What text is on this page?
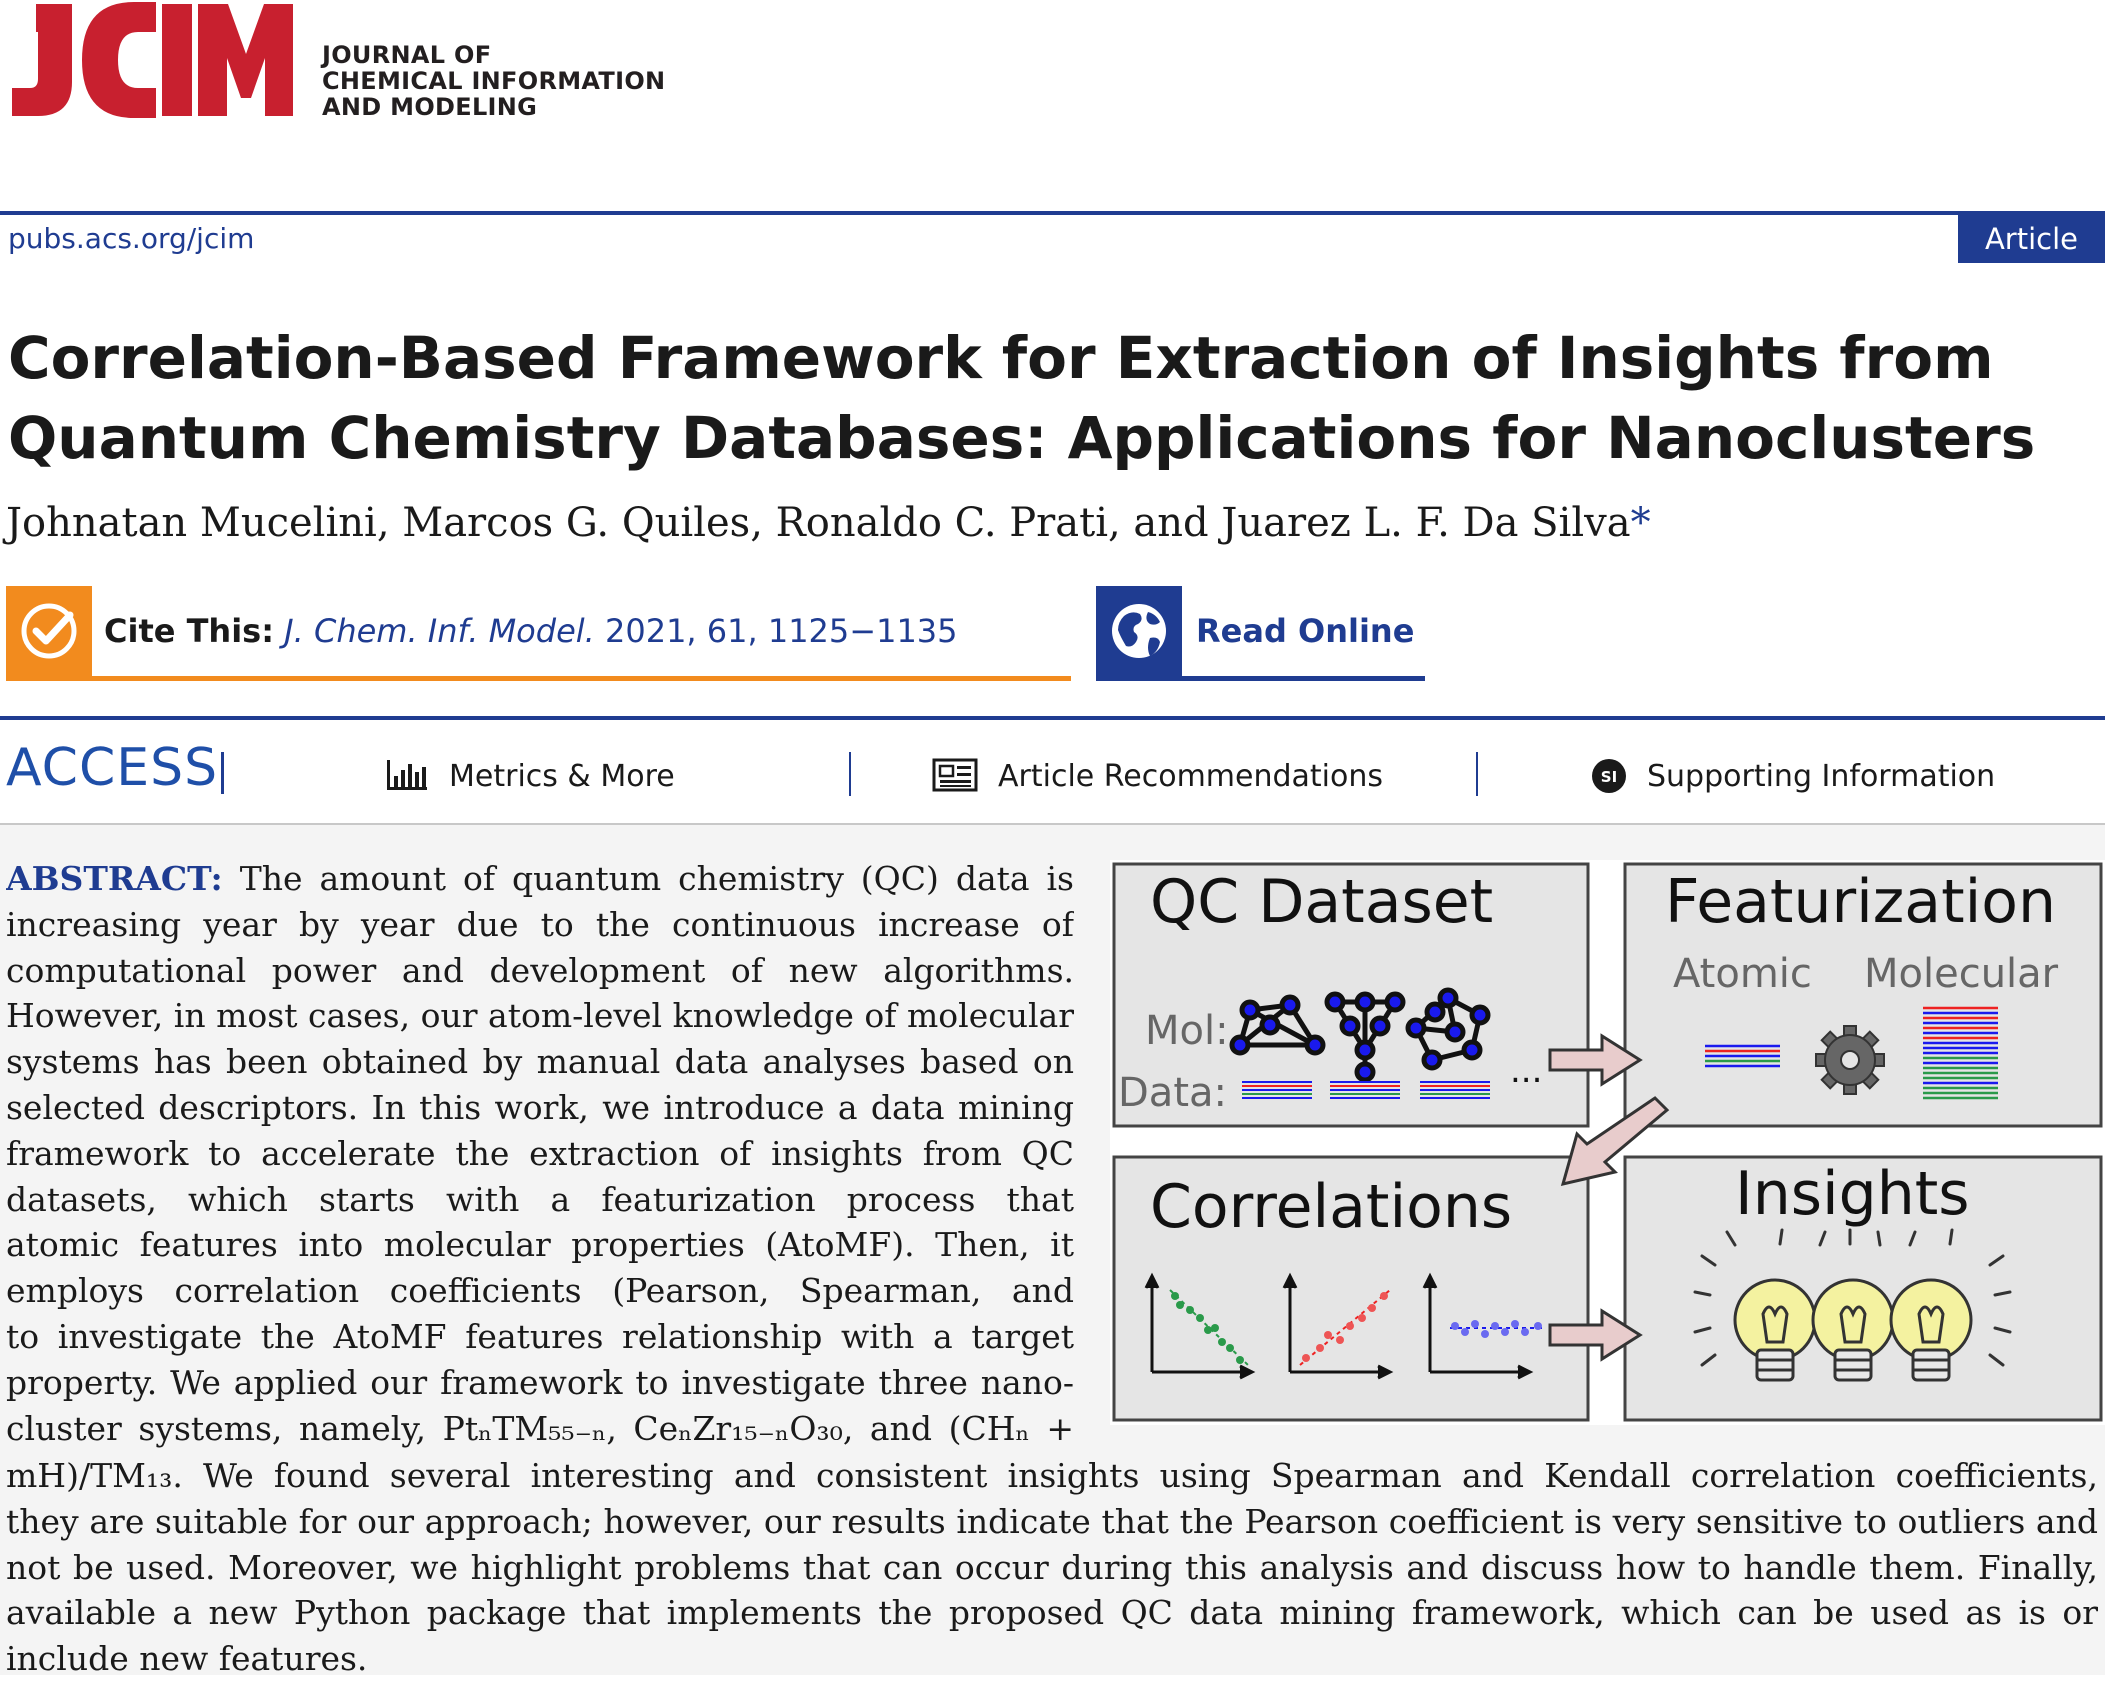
JCIM
JOURNAL OF
CHEMICAL INFORMATION
AND MODELING
pubs.acs.org/jcim	Article
Correlation-Based Framework for Extraction of Insights from Quantum Chemistry Databases: Applications for Nanoclusters
Johnatan Mucelini, Marcos G. Quiles, Ronaldo C. Prati, and Juarez L. F. Da Silva*
Cite This: J. Chem. Inf. Model. 2021, 61, 1125−1135	Read Online
ACCESS	Metrics & More	Article Recommendations	SI Supporting Information
ABSTRACT: The amount of quantum chemistry (QC) data is
increasing year by year due to the continuous increase of
computational power and development of new algorithms.
However, in most cases, our atom-level knowledge of molecular
systems has been obtained by manual data analyses based on
selected descriptors. In this work, we introduce a data mining
framework to accelerate the extraction of insights from QC
datasets, which starts with a featurization process that
atomic features into molecular properties (AtoMF). Then, it
employs correlation coefficients (Pearson, Spearman, and
to investigate the AtoMF features relationship with a target
property. We applied our framework to investigate three nano-
cluster systems, namely, PtₙTM₅₅₋ₙ, CeₙZr₁₅₋ₙO₃₀, and (CHₙ +
mH)/TM₁₃. We found several interesting and consistent insights using Spearman and Kendall correlation coefficients,
they are suitable for our approach; however, our results indicate that the Pearson coefficient is very sensitive to outliers and
not be used. Moreover, we highlight problems that can occur during this analysis and discuss how to handle them. Finally,
available a new Python package that implements the proposed QC data mining framework, which can be used as is or
include new features.
QC Dataset	Featurization
Correlations	Insights
Mol:
Data:	...
Atomic Molecular
